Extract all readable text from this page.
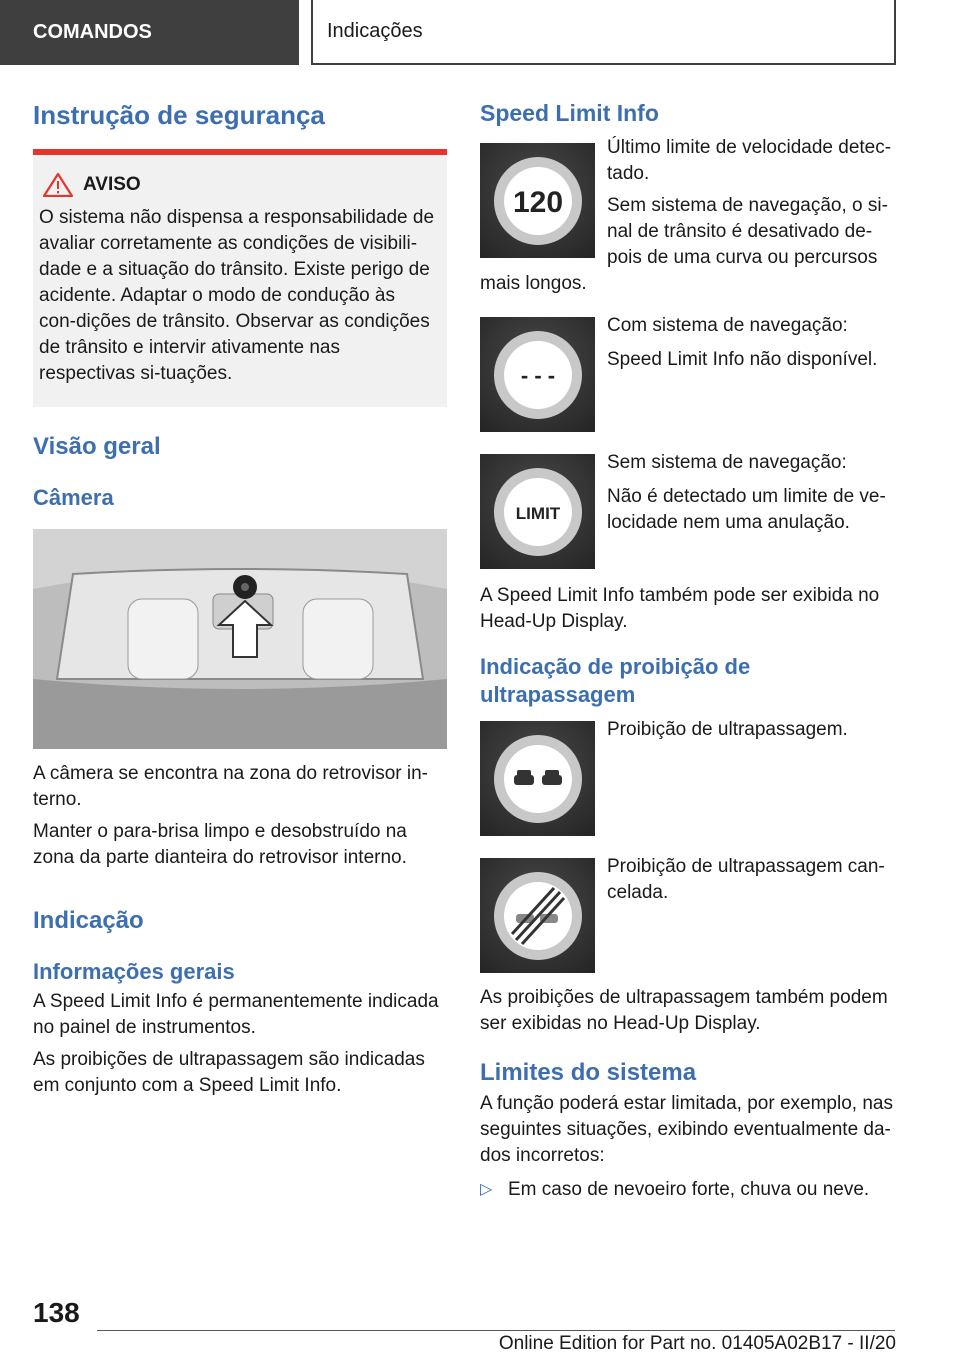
COMANDOS	Indicações
Instrução de segurança
AVISO

O sistema não dispensa a responsabilidade de avaliar corretamente as condições de visibili-dade e a situação do trânsito. Existe perigo de acidente. Adaptar o modo de condução às con-dições de trânsito. Observar as condições de trânsito e intervir ativamente nas respectivas si-tuações.

Visão geral
Câmera

A câmera se encontra na zona do retrovisor in-terno.

Manter o para-brisa limpo e desobstruído na zona da parte dianteira do retrovisor interno.

Indicação
Informações gerais

A Speed Limit Info é permanentemente indicada no painel de instrumentos.

As proibições de ultrapassagem são indicadas em conjunto com a Speed Limit Info.

Speed Limit Info
120

Último limite de velocidade detec-tado.

Sem sistema de navegação, o si-nal de trânsito é desativado de-pois de uma curva ou percursos

mais longos.

- - -

Com sistema de navegação:

Speed Limit Info não disponível.

LIMIT

Sem sistema de navegação:

Não é detectado um limite de ve-locidade nem uma anulação.

A Speed Limit Info também pode ser exibida no Head-Up Display.

Indicação de proibição de ultrapassagem

Proibição de ultrapassagem.

Proibição de ultrapassagem can-celada.

As proibições de ultrapassagem também podem ser exibidas no Head-Up Display.

Limites do sistema

A função poderá estar limitada, por exemplo, nas seguintes situações, exibindo eventualmente da-dos incorretos:

▷ Em caso de nevoeiro forte, chuva ou neve.

138
Online Edition for Part no. 01405A02B17 - II/20
